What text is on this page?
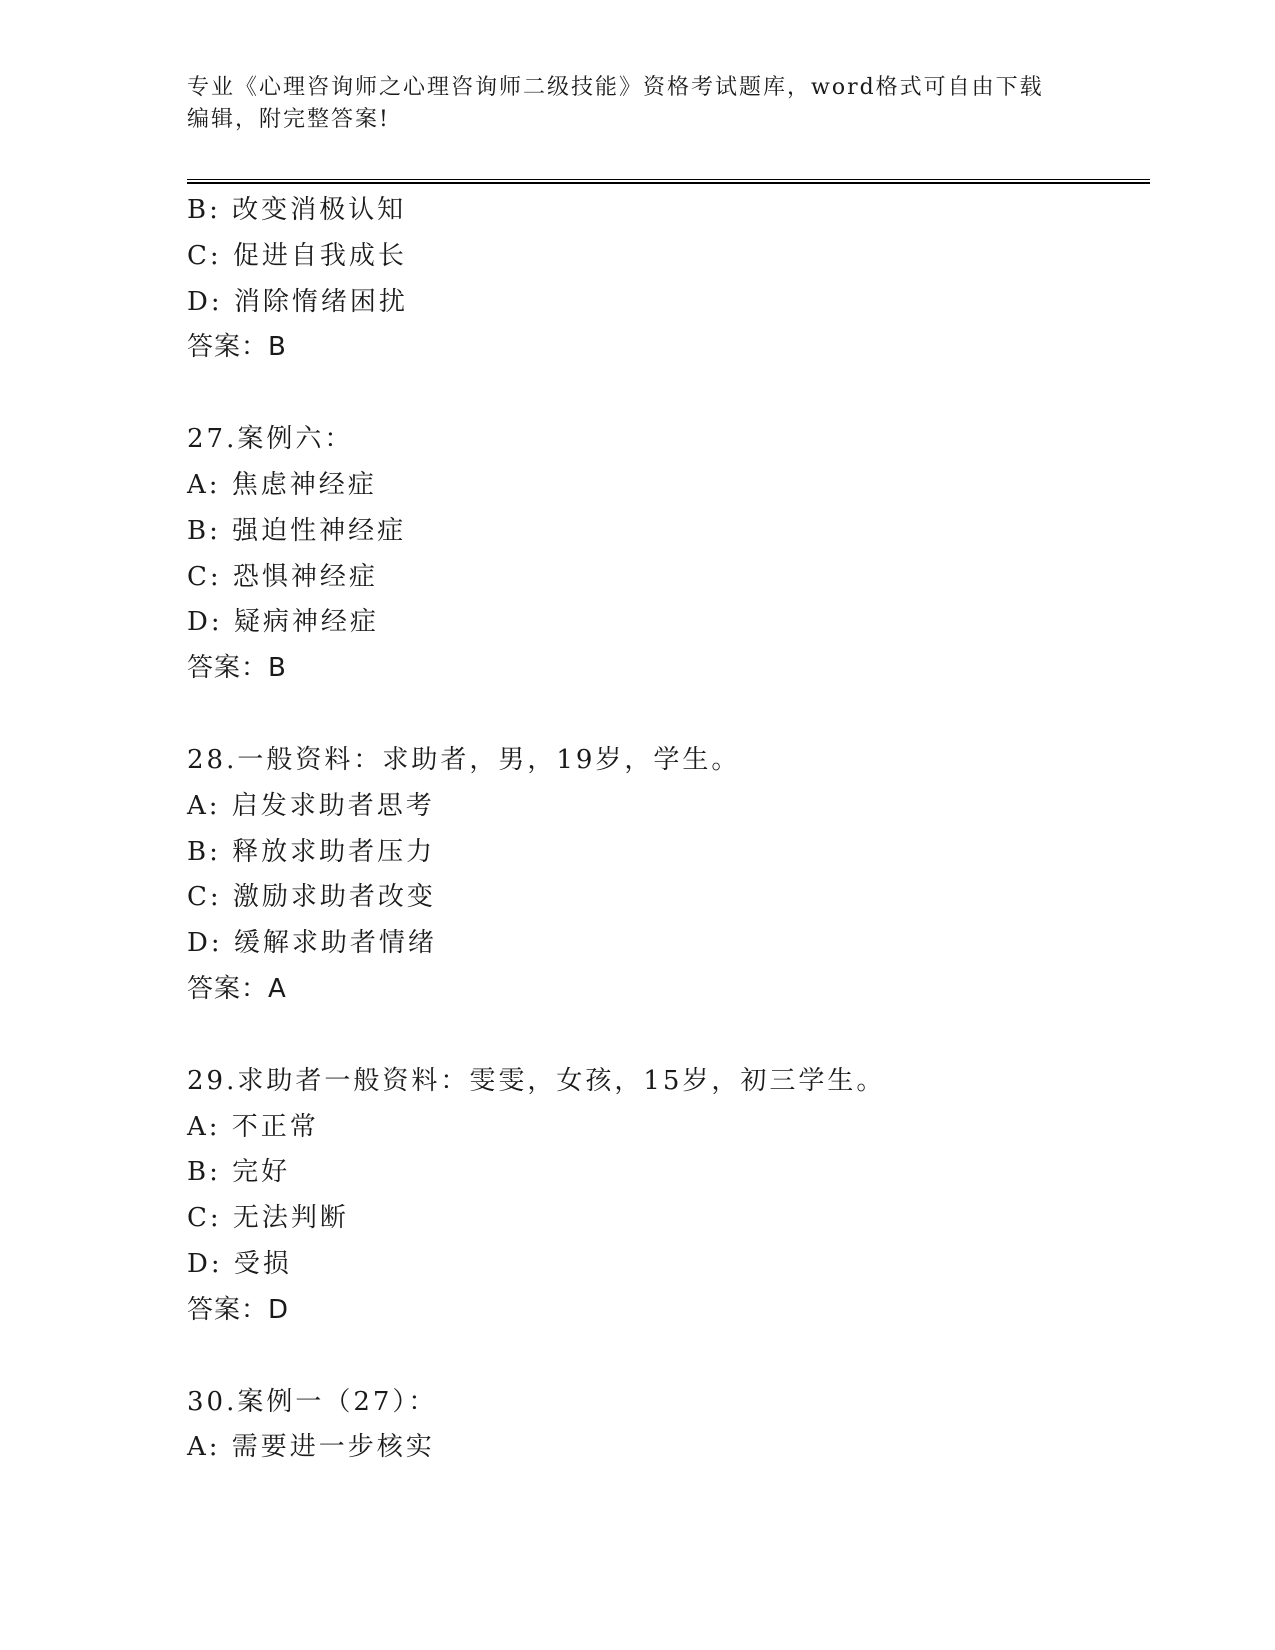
专业《心理咨询师之心理咨询师二级技能》资格考试题库，word格式可自由下载
编辑，附完整答案!
B: 改变消极认知
C: 促进自我成长
D: 消除惰绪困扰
答案：B
27.案例六：
A: 焦虑神经症
B: 强迫性神经症
C: 恐惧神经症
D: 疑病神经症
答案：B
28.一般资料：求助者，男，19岁，学生。
A: 启发求助者思考
B: 释放求助者压力
C: 激励求助者改变
D: 缓解求助者情绪
答案：A
29.求助者一般资料：雯雯，女孩，15岁，初三学生。
A: 不正常
B: 完好
C: 无法判断
D: 受损
答案：D
30.案例一（27）：
A: 需要进一步核实
